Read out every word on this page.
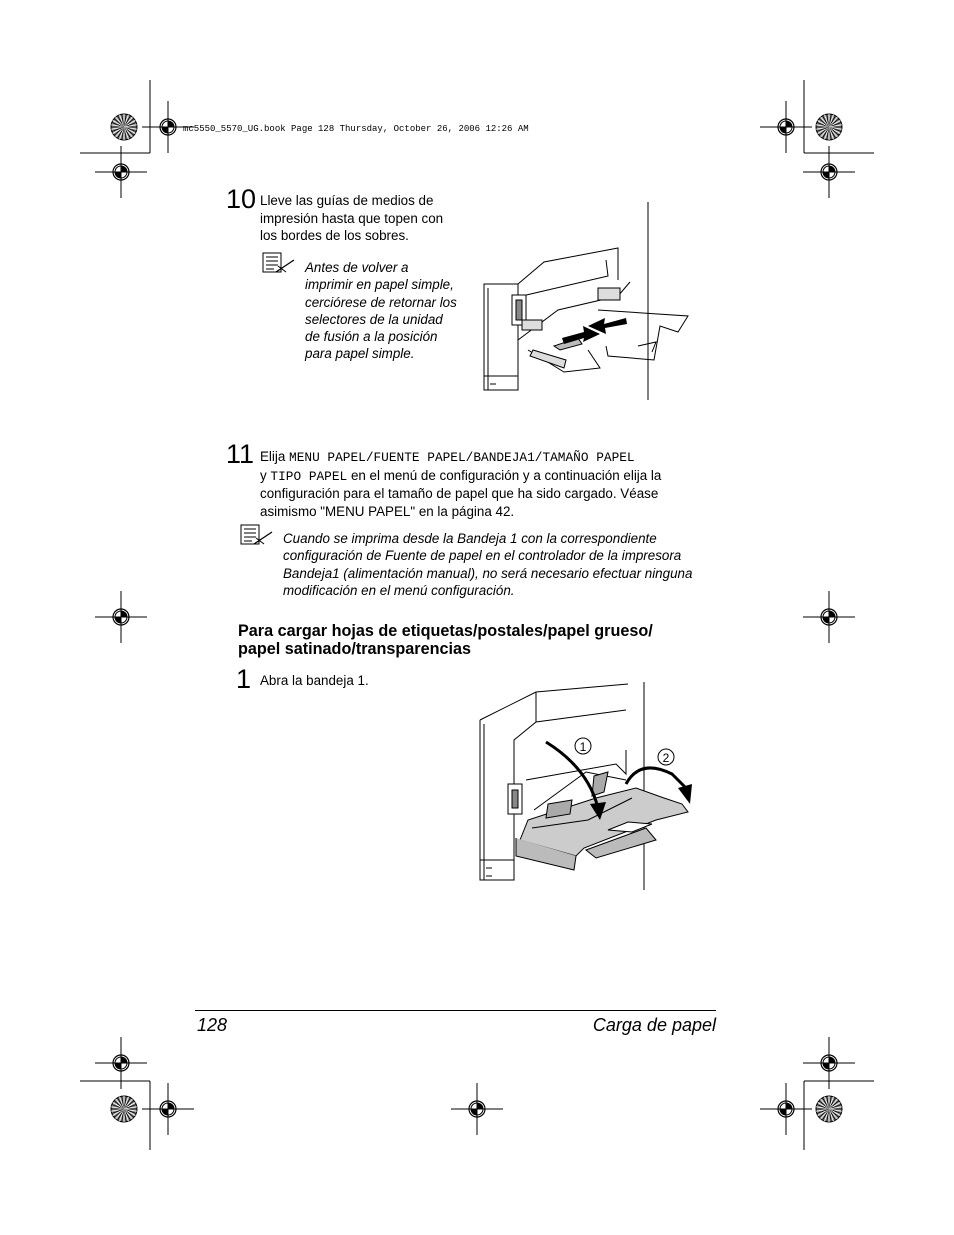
mc5550_5570_UG.book Page 128 Thursday, October 26, 2006 12:26 AM
10 Lleve las guías de medios de
impresión hasta que topen con
los bordes de los sobres.
Antes de volver a
imprimir en papel simple,
cerciórese de retornar los
selectores de la unidad
de fusión a la posición
para papel simple.
11 Elija MENU PAPEL/FUENTE PAPEL/BANDEJA1/TAMAÑO PAPEL
y TIPO PAPEL en el menú de configuración y a continuación elija la
configuración para el tamaño de papel que ha sido cargado. Véase
asimismo "MENU PAPEL" en la página 42.
Cuando se imprima desde la Bandeja 1 con la correspondiente
configuración de Fuente de papel en el controlador de la impresora
Bandeja1 (alimentación manual), no será necesario efectuar ninguna
modificación en el menú configuración.
Para cargar hojas de etiquetas/postales/papel grueso/
papel satinado/transparencias
1 Abra la bandeja 1.
1
2
128	Carga de papel
